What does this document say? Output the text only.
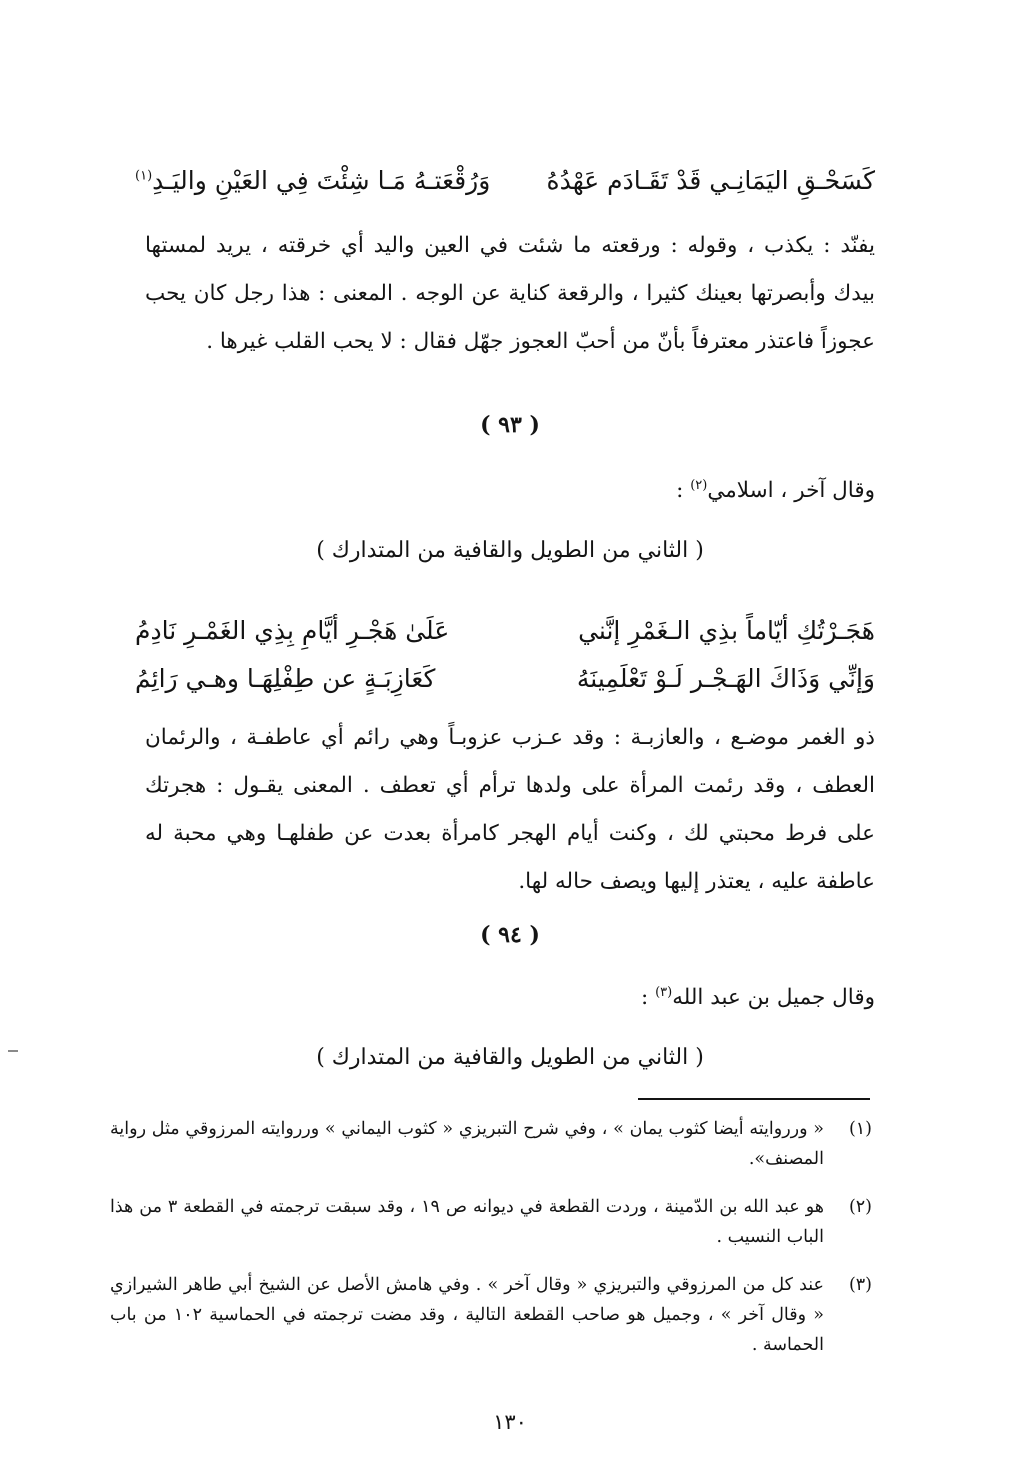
كَسَحْـقِ اليَمَانِـي قَدْ تَقَـادَم عَهْدُهُ
وَرُقْعَتـهُ مَـا شِئْتَ فِي العَيْنِ واليَـدِ$^{(١)}$
يفنّد : يكذب ، وقوله : ورقعته ما شئت في العين واليد أي خرقته ، يريد لمستها بيدك وأبصرتها بعينك كثيرا ، والرقعة كناية عن الوجه . المعنى : هذا رجل كان يحب عجوزاً فاعتذر معترفاً بأنّ من أحبّ العجوز جهّل فقال : لا يحب القلب غيرها .
( ٩٣ )
وقال آخر ، اسلامي$^{(٢)}$ :
( الثاني من الطويل والقافية من المتدارك )
هَجَـرْتُكِ أيّاماً بذِي الـغَمْرِ إنَّني
عَلَىٰ هَجْـرِ أيَّامِ بِذِي الغَمْـرِ نَادِمُ
وَإنِّي وَذَاكَ الهَـجْـر لَـوْ تَعْلَمِينَهُ
كَعَازِبَـةٍ عن طِفْلِهَـا وهـي رَائِمُ
ذو الغمر موضـع ، والعازبـة : وقد عـزب عزوبـاً وهي رائم أي عاطفـة ، والرئمان العطف ، وقد رئمت المرأة على ولدها ترأم أي تعطف . المعنى يقـول : هجرتك على فرط محبتي لك ، وكنت أيام الهجر كامرأة بعدت عن طفلهـا وهي محبة له عاطفة عليه ، يعتذر إليها ويصف حاله لها.
( ٩٤ )
وقال جميل بن عبد الله$^{(٣)}$ :
( الثاني من الطويل والقافية من المتدارك )
(١)
« ورروايته أيضا كثوب يمان » ، وفي شرح التبريزي « كثوب اليماني » ورروايته المرزوقي مثل رواية المصنف».
(٢)
هو عبد الله بن الدّمينة ، وردت القطعة في ديوانه ص ١٩ ، وقد سبقت ترجمته في القطعة ٣ من هذا الباب النسيب .
(٣)
عند كل من المرزوقي والتبريزي « وقال آخر » . وفي هامش الأصل عن الشيخ أبي طاهر الشيرازي « وقال آخر » ، وجميل هو صاحب القطعة التالية ، وقد مضت ترجمته في الحماسية ١٠٢ من باب الحماسة .
١٣٠
